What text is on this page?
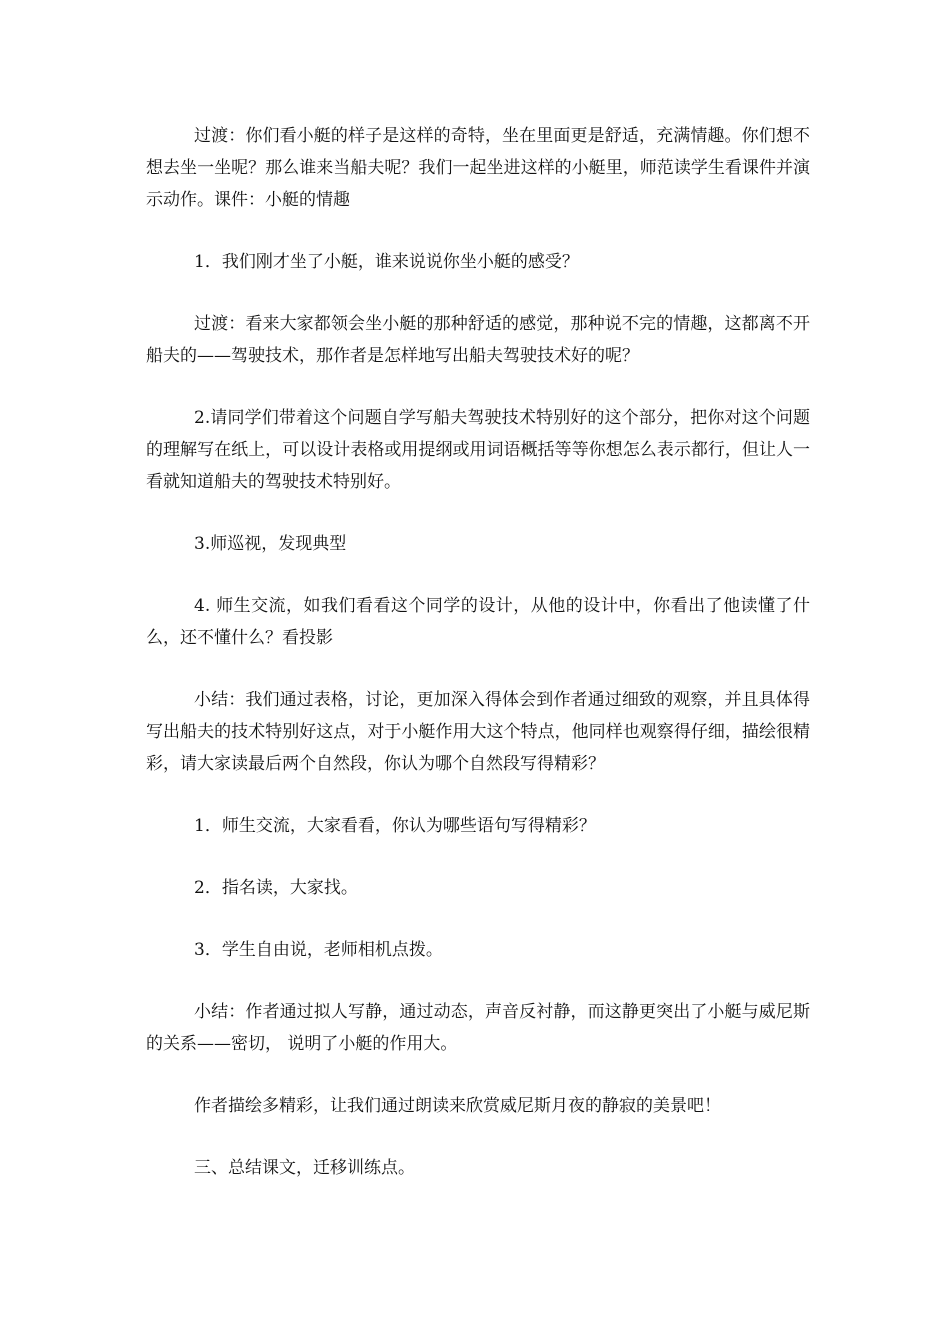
过渡：你们看小艇的样子是这样的奇特，坐在里面更是舒适，充满情趣。你们想不想去坐一坐呢？那么谁来当船夫呢？我们一起坐进这样的小艇里，师范读学生看课件并演示动作。课件：小艇的情趣

1．我们刚才坐了小艇，谁来说说你坐小艇的感受？

过渡：看来大家都领会坐小艇的那种舒适的感觉，那种说不完的情趣，这都离不开船夫的——驾驶技术，那作者是怎样地写出船夫驾驶技术好的呢？

2.请同学们带着这个问题自学写船夫驾驶技术特别好的这个部分，把你对这个问题的理解写在纸上，可以设计表格或用提纲或用词语概括等等你想怎么表示都行，但让人一看就知道船夫的驾驶技术特别好。

3.师巡视，发现典型

4. 师生交流，如我们看看这个同学的设计，从他的设计中，你看出了他读懂了什么，还不懂什么？看投影

小结：我们通过表格，讨论，更加深入得体会到作者通过细致的观察，并且具体得写出船夫的技术特别好这点，对于小艇作用大这个特点，他同样也观察得仔细，描绘很精彩，请大家读最后两个自然段，你认为哪个自然段写得精彩？

1．师生交流，大家看看，你认为哪些语句写得精彩？

2．指名读，大家找。

3．学生自由说，老师相机点拨。

小结：作者通过拟人写静，通过动态，声音反衬静，而这静更突出了小艇与威尼斯的关系——密切， 说明了小艇的作用大。

作者描绘多精彩，让我们通过朗读来欣赏威尼斯月夜的静寂的美景吧！

三、总结课文，迁移训练点。
